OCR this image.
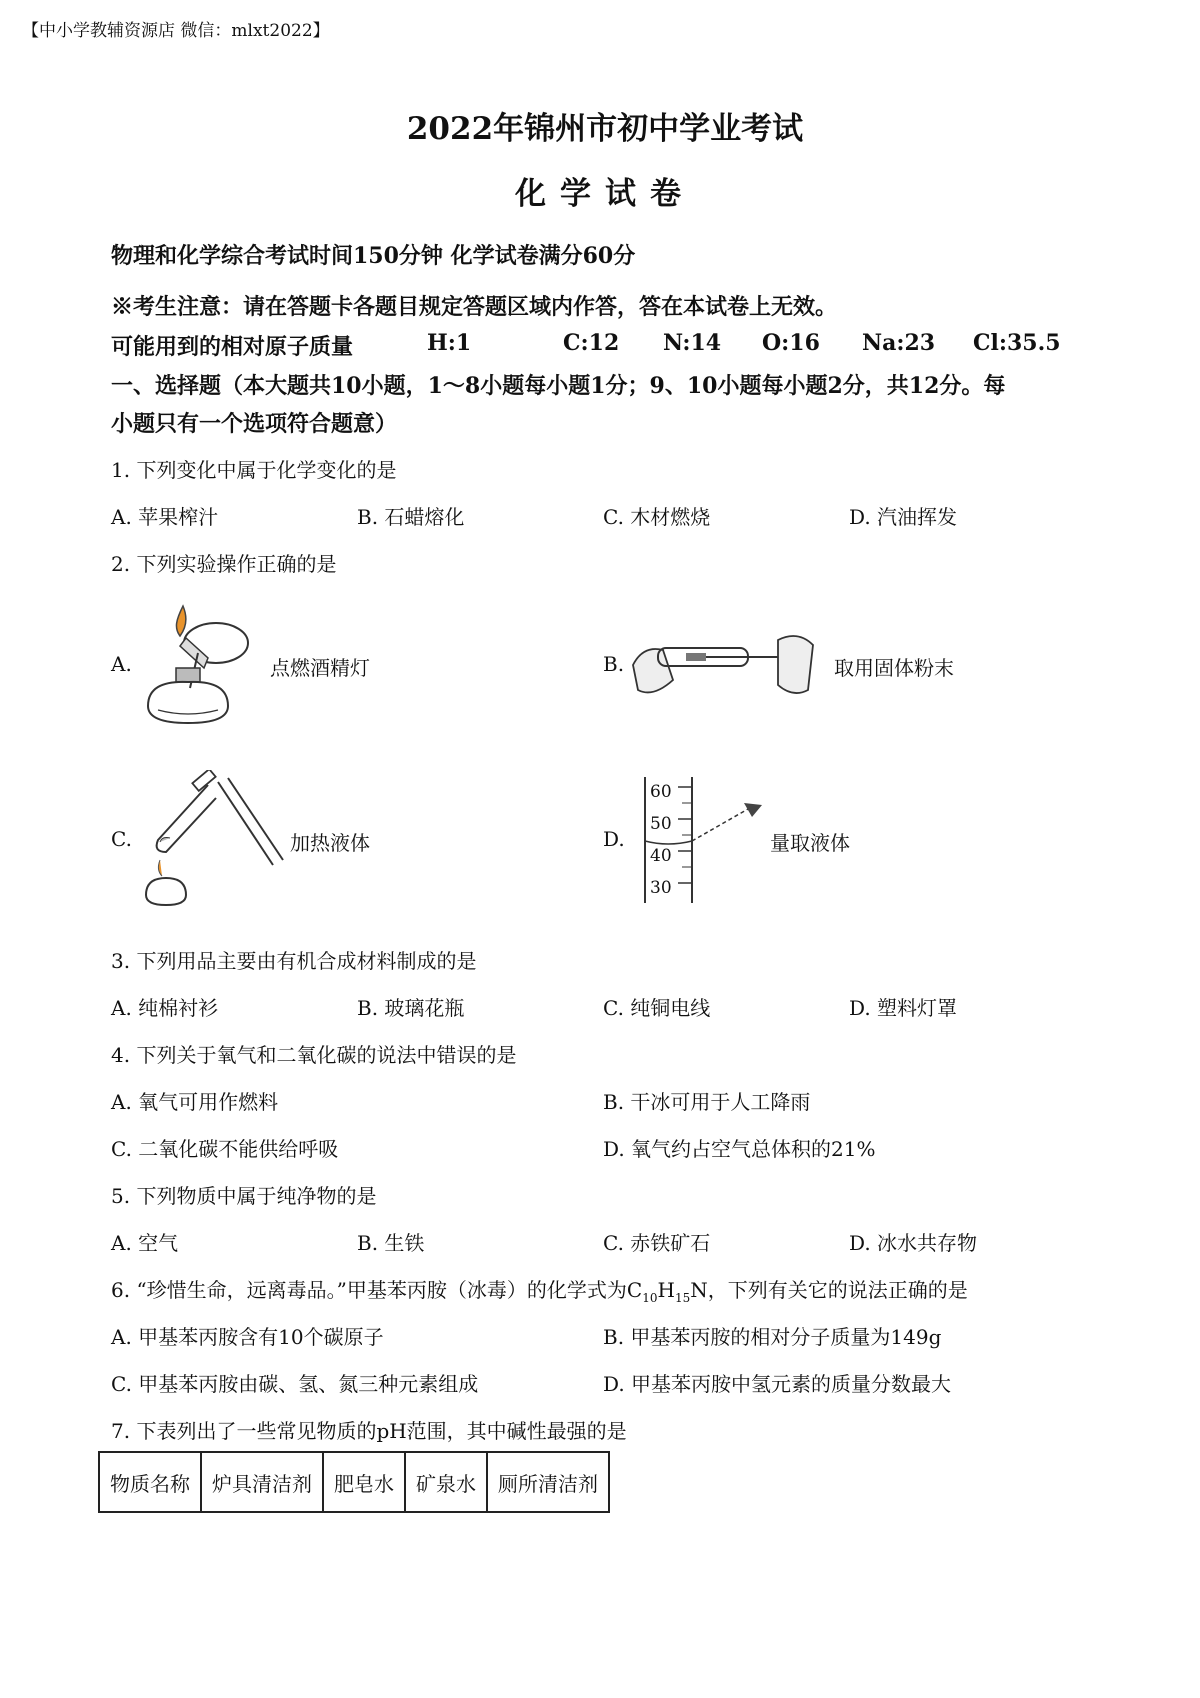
【中小学教辅资源店 微信：mlxt2022】
2022年锦州市初中学业考试
化学试卷
物理和化学综合考试时间150分钟 化学试卷满分60分
※考生注意：请在答题卡各题目规定答题区域内作答，答在本试卷上无效。
可能用到的相对原子质量	H:1	C:12 N:14 O:16 Na:23 Cl:35.5
一、选择题（本大题共10小题，1～8小题每小题1分；9、10小题每小题2分，共12分。每
小题只有一个选项符合题意）
1. 下列变化中属于化学变化的是
A. 苹果榨汁	B. 石蜡熔化	C. 木材燃烧	D. 汽油挥发
2. 下列实验操作正确的是
A.	点燃酒精灯	B.	取用固体粉末
C.	加热液体	D.
60
50
40
30
量取液体
3. 下列用品主要由有机合成材料制成的是
A. 纯棉衬衫	B. 玻璃花瓶	C. 纯铜电线	D. 塑料灯罩
4. 下列关于氧气和二氧化碳的说法中错误的是
A. 氧气可用作燃料	B. 干冰可用于人工降雨
C. 二氧化碳不能供给呼吸	D. 氧气约占空气总体积的21%
5. 下列物质中属于纯净物的是
A. 空气	B. 生铁	C. 赤铁矿石	D. 冰水共存物
6. “珍惜生命，远离毒品。”甲基苯丙胺（冰毒）的化学式为$C_{10}H_{15}N$，下列有关它的说法正确的是
A. 甲基苯丙胺含有10个碳原子	B. 甲基苯丙胺的相对分子质量为149g
C. 甲基苯丙胺由碳、氢、氮三种元素组成	D. 甲基苯丙胺中氢元素的质量分数最大
7. 下表列出了一些常见物质的pH范围，其中碱性最强的是
物质名称	炉具清洁剂	肥皂水	矿泉水	厕所清洁剂
